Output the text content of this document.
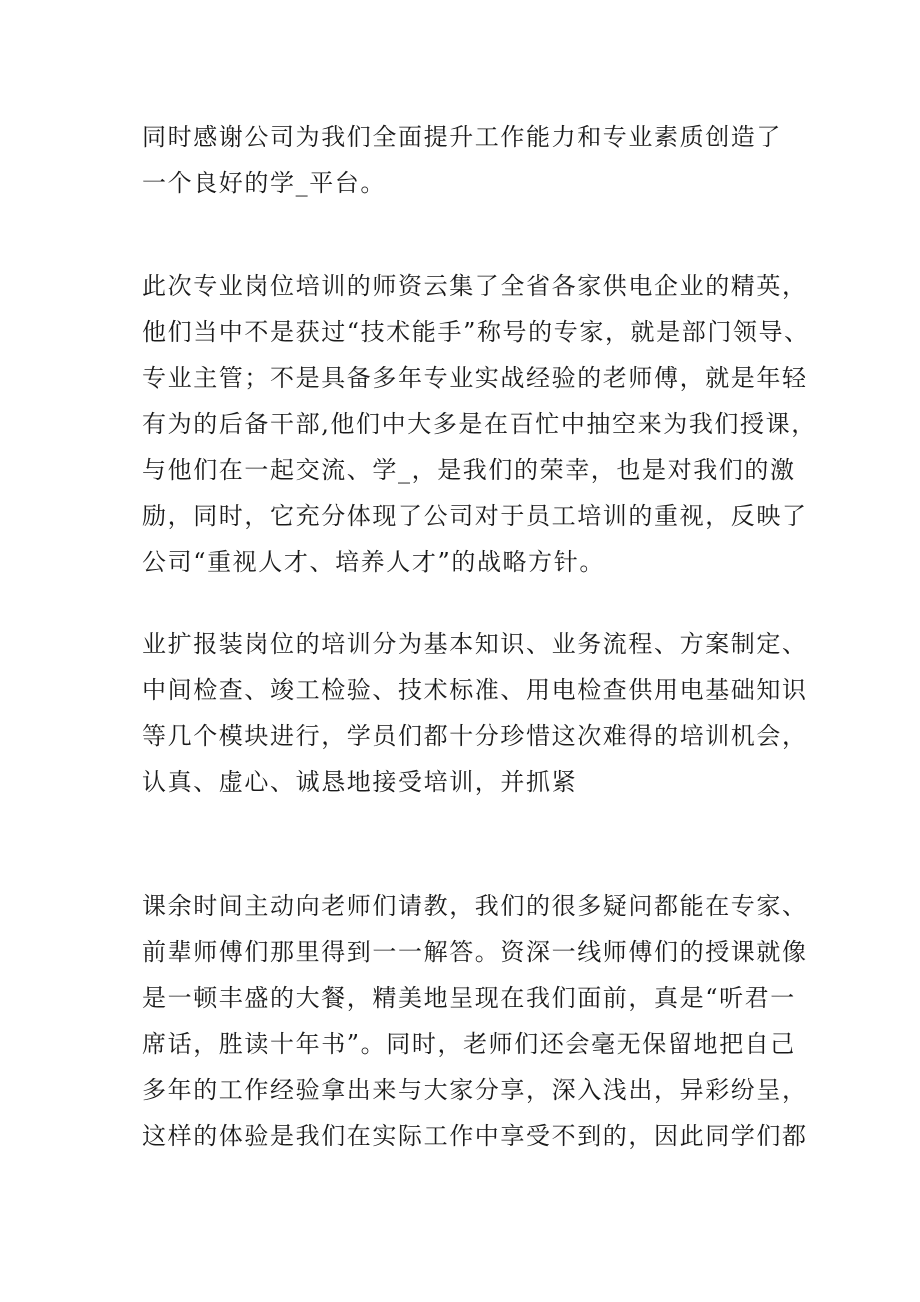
同时感谢公司为我们全面提升工作能力和专业素质创造了
一个良好的学_平台。
此次专业岗位培训的师资云集了全省各家供电企业的精英，
他们当中不是获过“技术能手”称号的专家，就是部门领导、
专业主管；不是具备多年专业实战经验的老师傅，就是年轻
有为的后备干部,他们中大多是在百忙中抽空来为我们授课，
与他们在一起交流、学_，是我们的荣幸，也是对我们的激
励，同时，它充分体现了公司对于员工培训的重视，反映了
公司“重视人才、培养人才”的战略方针。
业扩报装岗位的培训分为基本知识、业务流程、方案制定、
中间检查、竣工检验、技术标准、用电检查供用电基础知识
等几个模块进行，学员们都十分珍惜这次难得的培训机会，
认真、虚心、诚恳地接受培训，并抓紧
课余时间主动向老师们请教，我们的很多疑问都能在专家、
前辈师傅们那里得到一一解答。资深一线师傅们的授课就像
是一顿丰盛的大餐，精美地呈现在我们面前，真是“听君一
席话，胜读十年书”。同时，老师们还会毫无保留地把自己
多年的工作经验拿出来与大家分享，深入浅出，异彩纷呈，
这样的体验是我们在实际工作中享受不到的，因此同学们都
